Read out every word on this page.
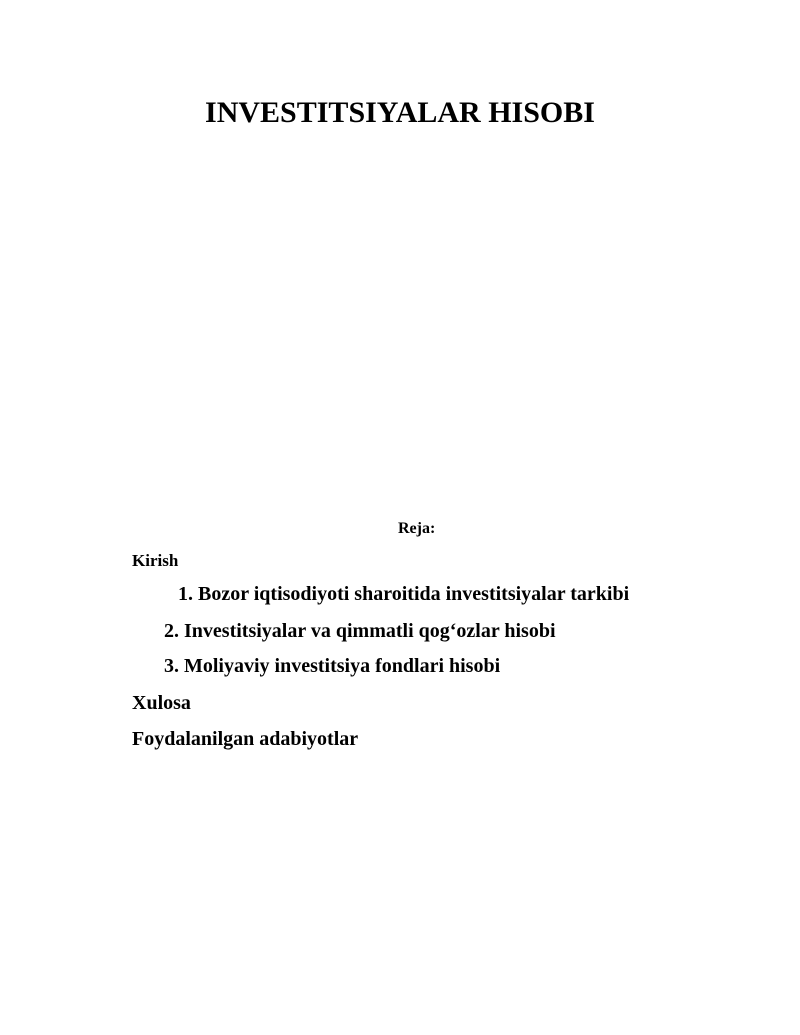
INVESTITSIYALAR HISOBI

Reja:

Kirish

1. Bozor iqtisodiyoti sharoitida investitsiyalar tarkibi

2. Investitsiyalar va qimmatli qog‘ozlar hisobi

3. Moliyaviy investitsiya fondlari hisobi

Xulosa

Foydalanilgan adabiyotlar
